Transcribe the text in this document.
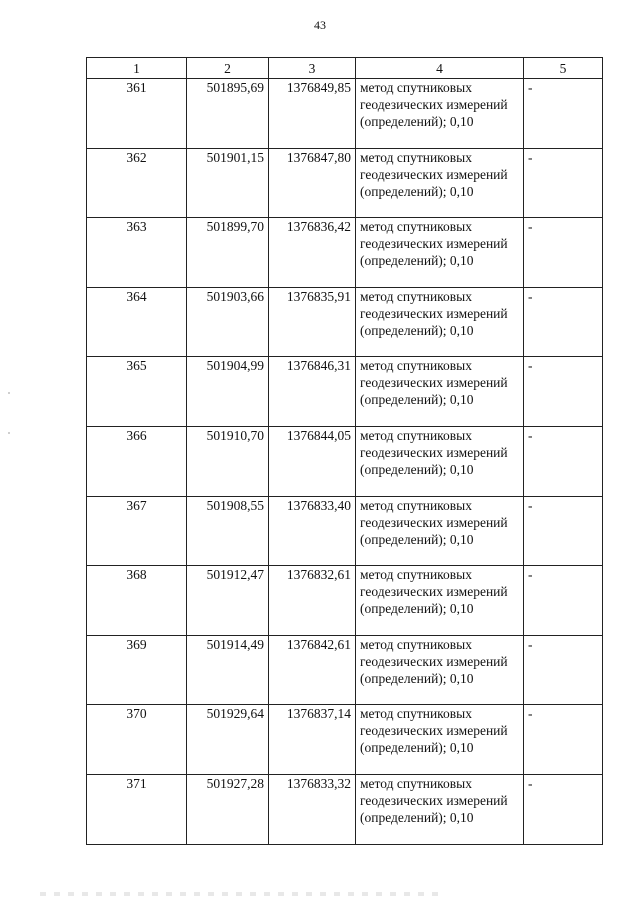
43
1	2	3	4	5
361	501895,69	1376849,85	метод спутниковых геодезических измерений (определений); 0,10	-
362	501901,15	1376847,80	метод спутниковых геодезических измерений (определений); 0,10	-
363	501899,70	1376836,42	метод спутниковых геодезических измерений (определений); 0,10	-
364	501903,66	1376835,91	метод спутниковых геодезических измерений (определений); 0,10	-
365	501904,99	1376846,31	метод спутниковых геодезических измерений (определений); 0,10	-
366	501910,70	1376844,05	метод спутниковых геодезических измерений (определений); 0,10	-
367	501908,55	1376833,40	метод спутниковых геодезических измерений (определений); 0,10	-
368	501912,47	1376832,61	метод спутниковых геодезических измерений (определений); 0,10	-
369	501914,49	1376842,61	метод спутниковых геодезических измерений (определений); 0,10	-
370	501929,64	1376837,14	метод спутниковых геодезических измерений (определений); 0,10	-
371	501927,28	1376833,32	метод спутниковых геодезических измерений (определений); 0,10	-
